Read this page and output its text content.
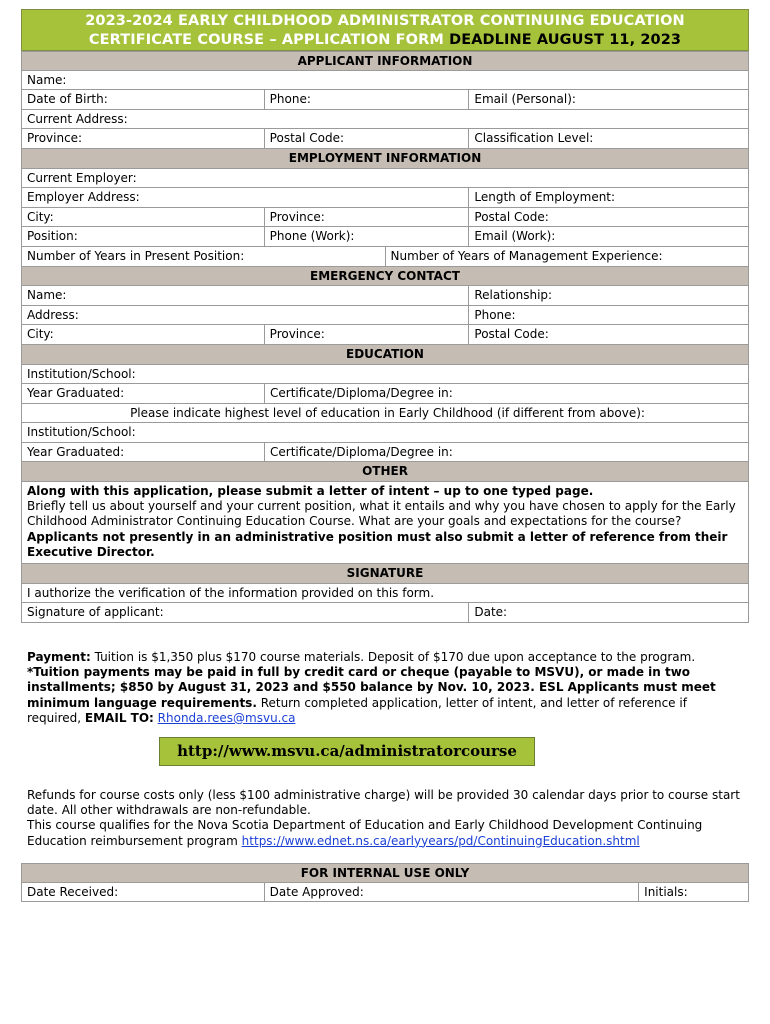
2023-2024 EARLY CHILDHOOD ADMINISTRATOR CONTINUING EDUCATION
CERTIFICATE COURSE – APPLICATION FORM DEADLINE AUGUST 11, 2023
APPLICANT INFORMATION
Name:
Date of Birth:	Phone:	Email (Personal):
Current Address:
Province:	Postal Code:	Classification Level:
EMPLOYMENT INFORMATION
Current Employer:
Employer Address:	Length of Employment:
City:	Province:	Postal Code:
Position:	Phone (Work):	Email (Work):
Number of Years in Present Position:	Number of Years of Management Experience:
EMERGENCY CONTACT
Name:	Relationship:
Address:	Phone:
City:	Province:	Postal Code:
EDUCATION
Institution/School:
Year Graduated:	Certificate/Diploma/Degree in:
Please indicate highest level of education in Early Childhood (if different from above):
Institution/School:
Year Graduated:	Certificate/Diploma/Degree in:
OTHER
Along with this application, please submit a letter of intent – up to one typed page.
Briefly tell us about yourself and your current position, what it entails and why you have chosen to apply for the Early Childhood Administrator Continuing Education Course. What are your goals and expectations for the course?
Applicants not presently in an administrative position must also submit a letter of reference from their Executive Director.
SIGNATURE
I authorize the verification of the information provided on this form.
Signature of applicant:	Date:
Payment: Tuition is $1,350 plus $170 course materials. Deposit of $170 due upon acceptance to the program. *Tuition payments may be paid in full by credit card or cheque (payable to MSVU), or made in two installments; $850 by August 31, 2023 and $550 balance by Nov. 10, 2023. ESL Applicants must meet minimum language requirements. Return completed application, letter of intent, and letter of reference if required, EMAIL TO: Rhonda.rees@msvu.ca
http://www.msvu.ca/administratorcourse
Refunds for course costs only (less $100 administrative charge) will be provided 30 calendar days prior to course start date. All other withdrawals are non-refundable.
This course qualifies for the Nova Scotia Department of Education and Early Childhood Development Continuing Education reimbursement program https://www.ednet.ns.ca/earlyyears/pd/ContinuingEducation.shtml
FOR INTERNAL USE ONLY
Date Received:	Date Approved:	Initials:
